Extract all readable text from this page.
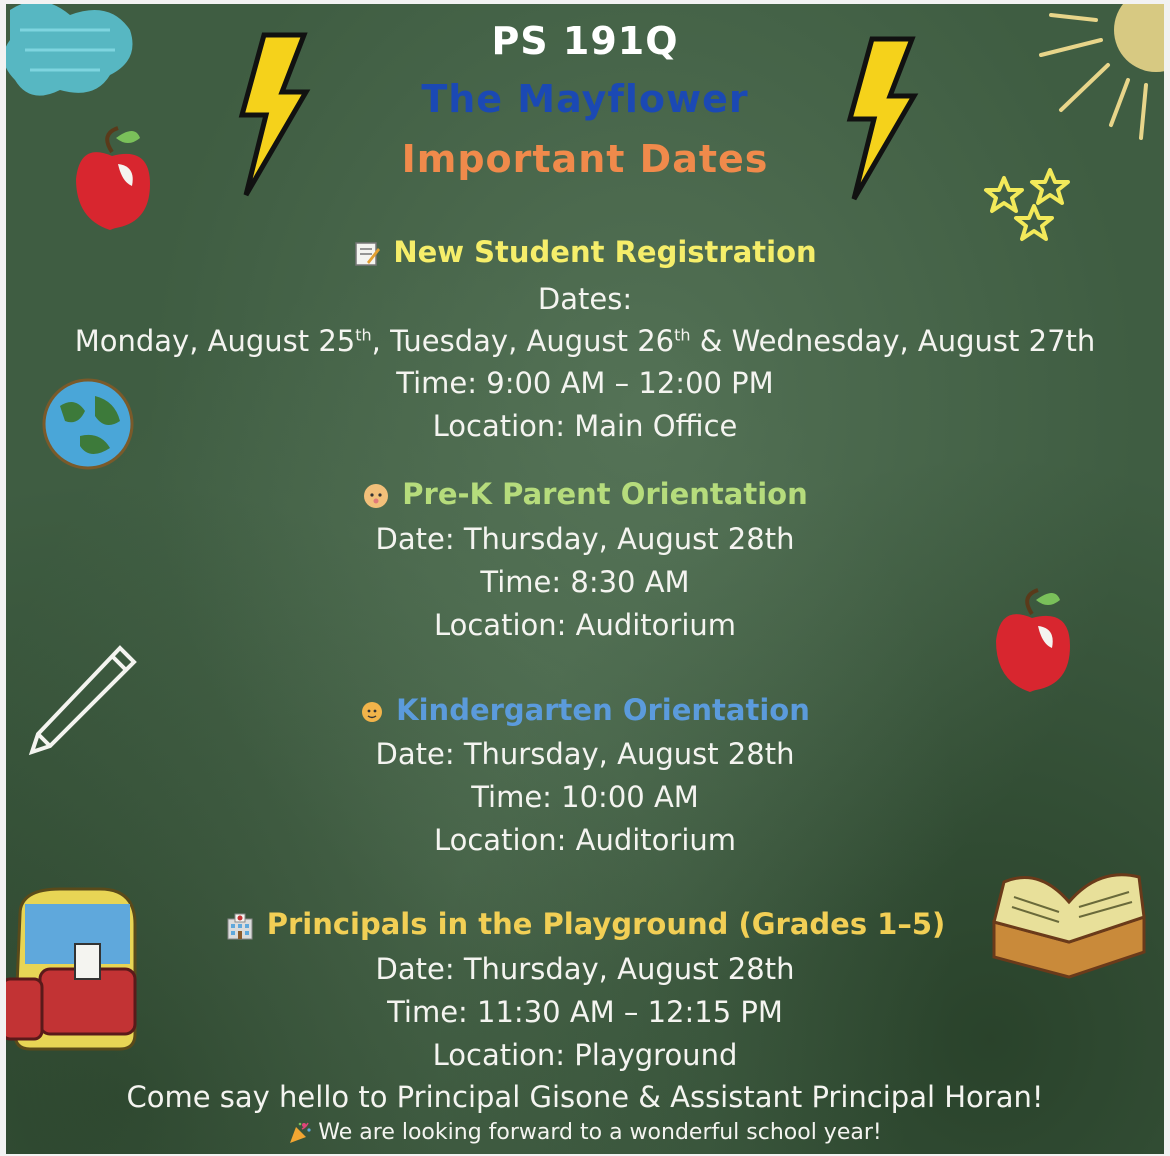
PS 191Q
The Mayflower
Important Dates
New Student Registration
Dates:
Monday, August 25th, Tuesday, August 26th & Wednesday, August 27th
Time: 9:00 AM – 12:00 PM
Location: Main Office
Pre-K Parent Orientation
Date: Thursday, August 28th
Time: 8:30 AM
Location: Auditorium
Kindergarten Orientation
Date: Thursday, August 28th
Time: 10:00 AM
Location: Auditorium
Principals in the Playground (Grades 1–5)
Date: Thursday, August 28th
Time: 11:30 AM – 12:15 PM
Location: Playground
Come say hello to Principal Gisone & Assistant Principal Horan!
We are looking forward to a wonderful school year!
